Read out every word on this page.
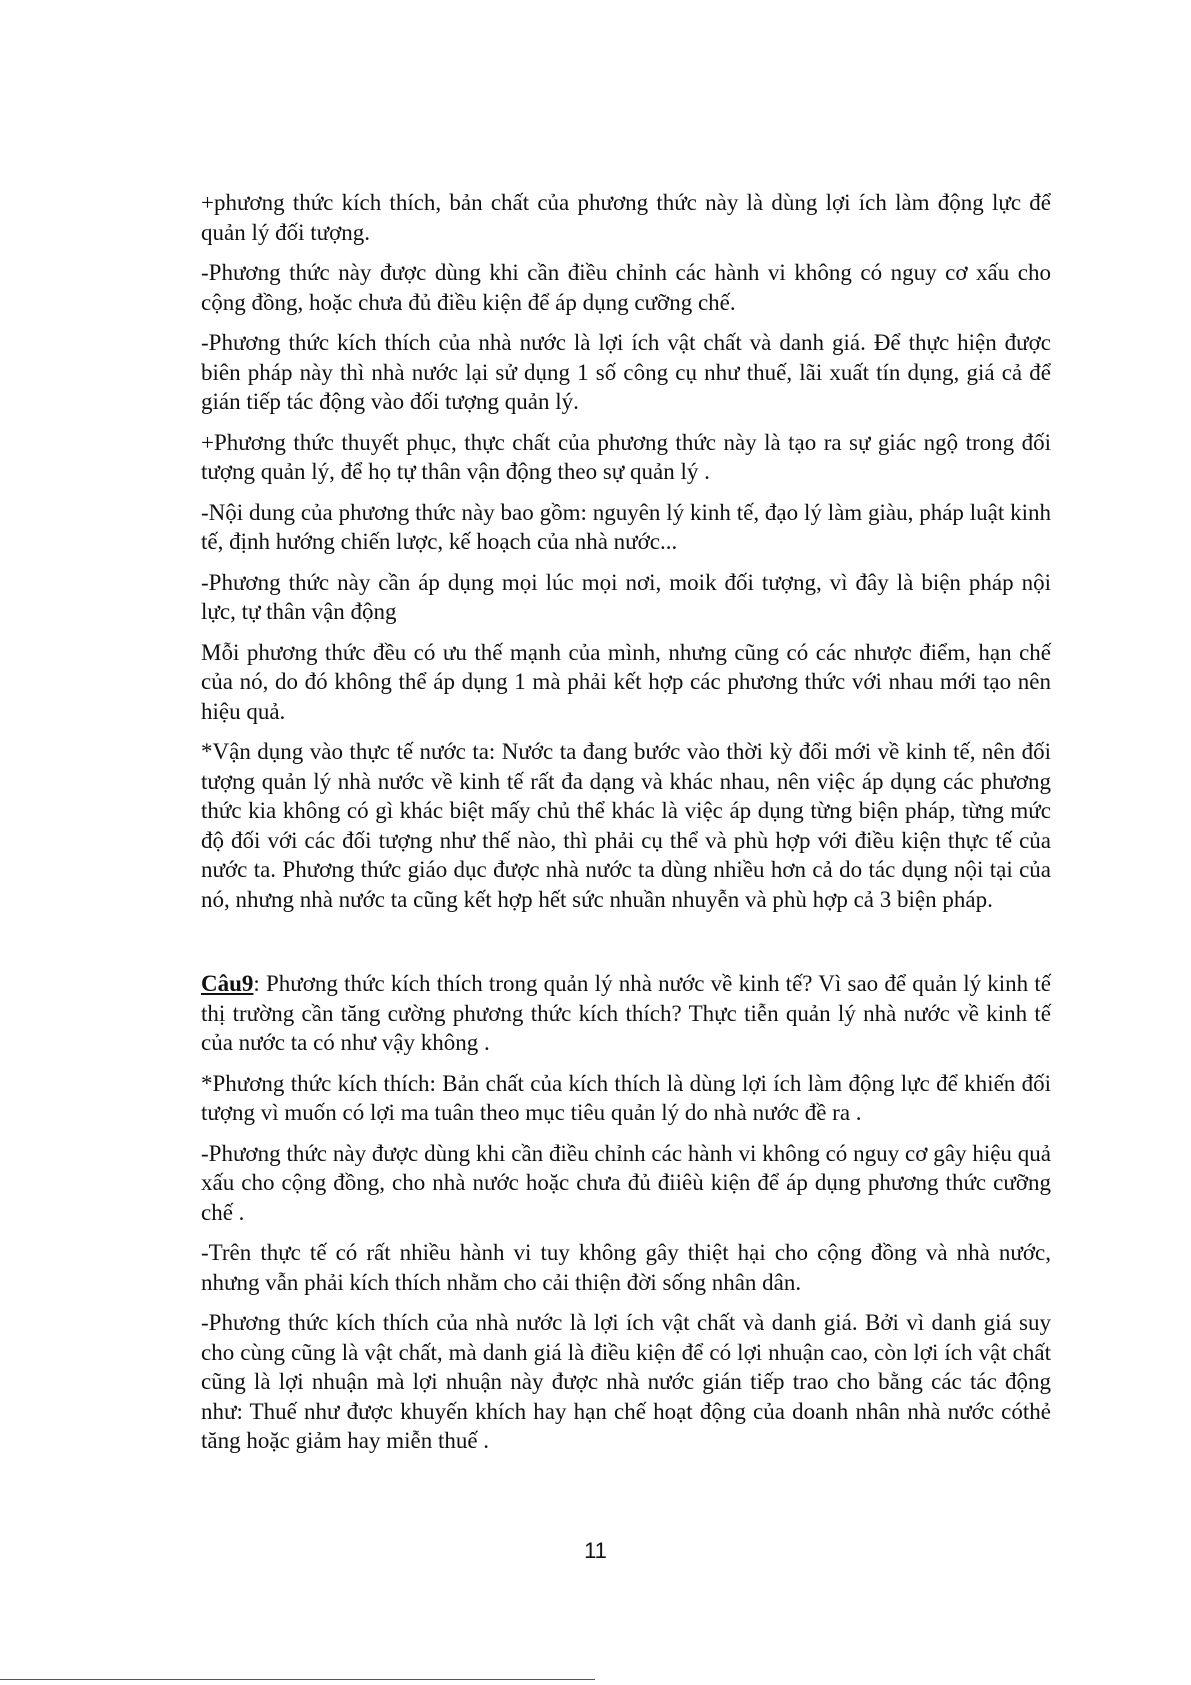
+phương thức kích thích, bản chất của phương thức này là dùng lợi ích làm động lực để quản lý đối tượng.

-Phương thức này được dùng khi cần điều chỉnh các hành vi không có nguy cơ xấu cho cộng đồng, hoặc chưa đủ điều kiện để áp dụng cưỡng chế.

-Phương thức kích thích của nhà nước là lợi ích vật chất và danh giá. Để thực hiện được biên pháp này thì nhà nước lại sử dụng 1 số công cụ như thuế, lãi xuất tín dụng, giá cả để gián tiếp tác động vào đối tượng quản lý.

+Phương thức thuyết phục, thực chất của phương thức này là tạo ra sự giác ngộ trong đối tượng quản lý, để họ tự thân vận động theo sự quản lý .

-Nội dung của phương thức này bao gồm: nguyên lý kinh tế, đạo lý làm giàu, pháp luật kinh tế, định hướng chiến lược, kế hoạch của nhà nước...

-Phương thức này cần áp dụng mọi lúc mọi nơi, moik đối tượng, vì đây là biện pháp nội lực, tự thân vận động

Mỗi phương thức đều có ưu thế mạnh của mình, nhưng cũng có các nhược điểm, hạn chế của nó, do đó không thể áp dụng 1 mà phải kết hợp các phương thức với nhau mới tạo nên hiệu quả.

*Vận dụng vào thực tế nước ta: Nước ta đang bước vào thời kỳ đổi mới về kinh tế, nên đối tượng quản lý nhà nước về kinh tế rất đa dạng và khác nhau, nên việc áp dụng các phương thức kia không có gì khác biệt mấy chủ thể khác là việc áp dụng từng biện pháp, từng mức độ đối với các đối tượng như thế nào, thì phải cụ thể và phù hợp với điều kiện thực tế của nước ta. Phương thức giáo dục được nhà nước ta dùng nhiều hơn cả do tác dụng nội tại của nó, nhưng nhà nước ta cũng kết hợp hết sức nhuần nhuyễn và phù hợp cả 3 biện pháp.

Câu9: Phương thức kích thích trong quản lý nhà nước về kinh tế? Vì sao để quản lý kinh tế thị trường cần tăng cường phương thức kích thích? Thực tiễn quản lý nhà nước về kinh tế của nước ta có như vậy không .

*Phương thức kích thích: Bản chất của kích thích là dùng lợi ích làm động lực để khiến đối tượng vì muốn có lợi ma tuân theo mục tiêu quản lý do nhà nước đề ra .

-Phương thức này được dùng khi cần điều chỉnh các hành vi không có nguy cơ gây hiệu quả xấu cho cộng đồng, cho nhà nước hoặc chưa đủ điiêù kiện để áp dụng phương thức cưỡng chế .

-Trên thực tế có rất nhiều hành vi tuy không gây thiệt hại cho cộng đồng và nhà nước, nhưng vẫn phải kích thích nhằm cho cải thiện đời sống nhân dân.

-Phương thức kích thích của nhà nước là lợi ích vật chất và danh giá. Bởi vì danh giá suy cho cùng cũng là vật chất, mà danh giá là điều kiện để có lợi nhuận cao, còn lợi ích vật chất cũng là lợi nhuận mà lợi nhuận này được nhà nước gián tiếp trao cho bằng các tác động như: Thuế như được khuyến khích hay hạn chế hoạt động của doanh nhân nhà nước cóthẻ tăng hoặc giảm hay miễn thuế .

11
